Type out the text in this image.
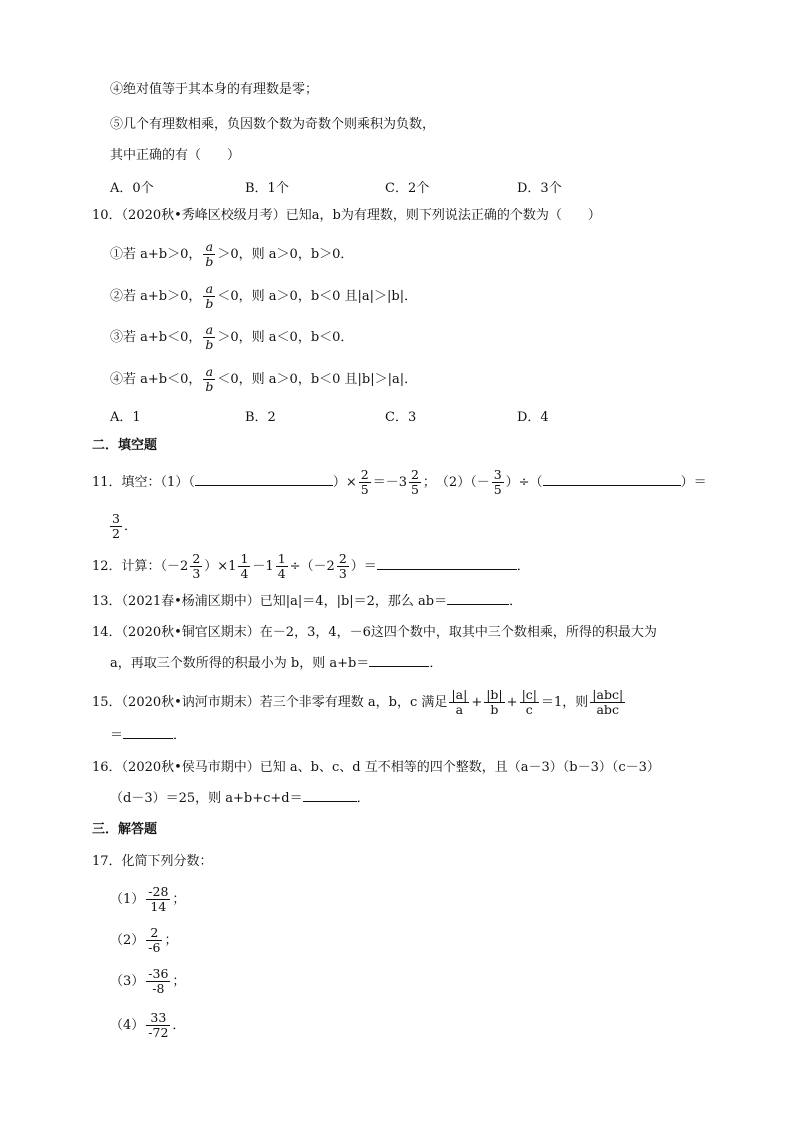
④绝对值等于其本身的有理数是零；
⑤几个有理数相乘，负因数个数为奇数个则乘积为负数，
其中正确的有（　　）
A．0个	B．1个	C．2个	D．3个
10．（2020秋•秀峰区校级月考）已知a，b为有理数，则下列说法正确的个数为（　　）
①若 a+b＞0， $\frac{a}{b} >0$，则 a＞0，b＞0．
②若 a+b＞0， $\frac{a}{b} <0$，则 a＞0，b＜0 且|a|＞|b|．
③若 a+b＜0， $\frac{a}{b} >0$，则 a＜0，b＜0．
④若 a+b＜0， $\frac{a}{b} <0$，则 a＞0，b＜0 且|b|＞|a|．
A．1	B．2	C．3	D．4
二．填空题
11．填空：（1）（	）× $\frac{2}{5} =-3 \frac{2}{5}$ ；　$(2)(- \frac{3}{5}$ ）÷（	）＝
$\frac{3}{2}$ ．
12．计算：$(-2 \frac{2}{3} )\times 1 \frac{1}{4} -1 \frac{1}{4} \div(-2 \frac{2}{3}$ ）＝	．
13．（2021春•杨浦区期中）已知|a|＝4，|b|＝2，那么 ab＝	．
14．（2020秋•铜官区期末）在－2，3，4，－6这四个数中，取其中三个数相乘，所得的积最大为
a，再取三个数所得的积最小为 b，则 a+b＝	．
15．（2020秋•讷河市期末）若三个非零有理数 a，b，c 满足 $\frac{|a|}{a} + \frac{|b|}{b} + \frac{|c|}{c} =1$，则 $\frac{\text{|abc|}}{\text{abc}}$
＝	．
16．（2020秋•侯马市期中）已知 a、b、c、d 互不相等的四个整数，且（a－3）（b－3）（c－3）
（d－3）＝25，则 a+b+c+d＝	．
三．解答题
17．化简下列分数：
$(1) \frac{-28}{14}$ ；
$(2) \frac{2}{-6}$ ；
$(3) \frac{-36}{-8}$ ；
$(4) \frac{33}{-72}$ ．
